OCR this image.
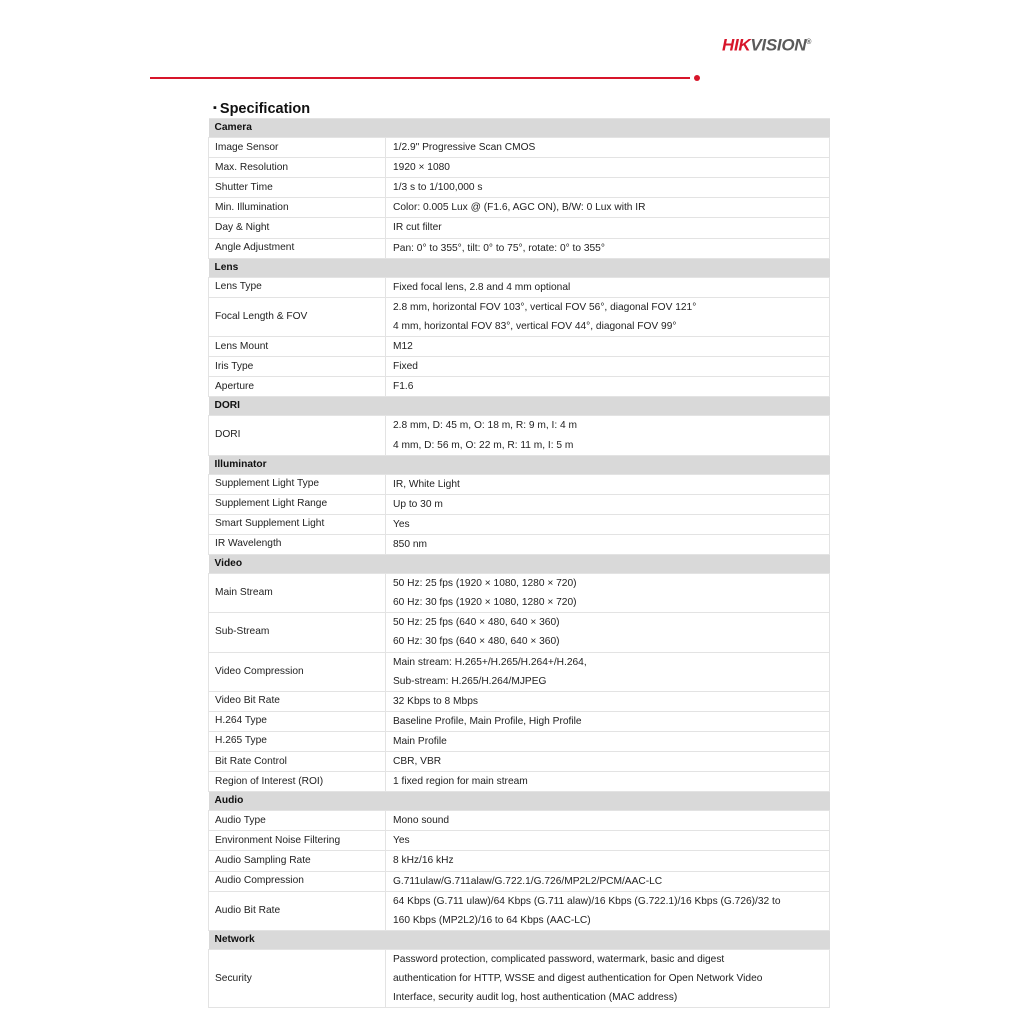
HIKVISION®
▪ Specification
Camera	
Image Sensor	1/2.9" Progressive Scan CMOS

Max. Resolution	1920 × 1080

Shutter Time	1/3 s to 1/100,000 s

Min. Illumination	Color: 0.005 Lux @ (F1.6, AGC ON), B/W: 0 Lux with IR

Day & Night	IR cut filter

Angle Adjustment	Pan: 0° to 355°, tilt: 0° to 75°, rotate: 0° to 355°

Lens	
Lens Type	Fixed focal lens, 2.8 and 4 mm optional

Focal Length & FOV	2.8 mm, horizontal FOV 103°, vertical FOV 56°, diagonal FOV 121°
4 mm, horizontal FOV 83°, vertical FOV 44°, diagonal FOV 99°

Lens Mount	M12

Iris Type	Fixed

Aperture	F1.6

DORI	
DORI	2.8 mm, D: 45 m, O: 18 m, R: 9 m, I: 4 m
4 mm, D: 56 m, O: 22 m, R: 11 m, I: 5 m

Illuminator	
Supplement Light Type	IR, White Light

Supplement Light Range	Up to 30 m

Smart Supplement Light	Yes

IR Wavelength	850 nm

Video	
Main Stream	50 Hz: 25 fps (1920 × 1080, 1280 × 720)
60 Hz: 30 fps (1920 × 1080, 1280 × 720)

Sub-Stream	50 Hz: 25 fps (640 × 480, 640 × 360)
60 Hz: 30 fps (640 × 480, 640 × 360)

Video Compression	Main stream: H.265+/H.265/H.264+/H.264,
Sub-stream: H.265/H.264/MJPEG

Video Bit Rate	32 Kbps to 8 Mbps

H.264 Type	Baseline Profile, Main Profile, High Profile

H.265 Type	Main Profile

Bit Rate Control	CBR, VBR

Region of Interest (ROI)	1 fixed region for main stream

Audio	
Audio Type	Mono sound

Environment Noise Filtering	Yes

Audio Sampling Rate	8 kHz/16 kHz

Audio Compression	G.711ulaw/G.711alaw/G.722.1/G.726/MP2L2/PCM/AAC-LC

Audio Bit Rate	64 Kbps (G.711 ulaw)/64 Kbps (G.711 alaw)/16 Kbps (G.722.1)/16 Kbps (G.726)/32 to
160 Kbps (MP2L2)/16 to 64 Kbps (AAC-LC)

Network	
Security	Password protection, complicated password, watermark, basic and digest
authentication for HTTP, WSSE and digest authentication for Open Network Video
Interface, security audit log, host authentication (MAC address)
